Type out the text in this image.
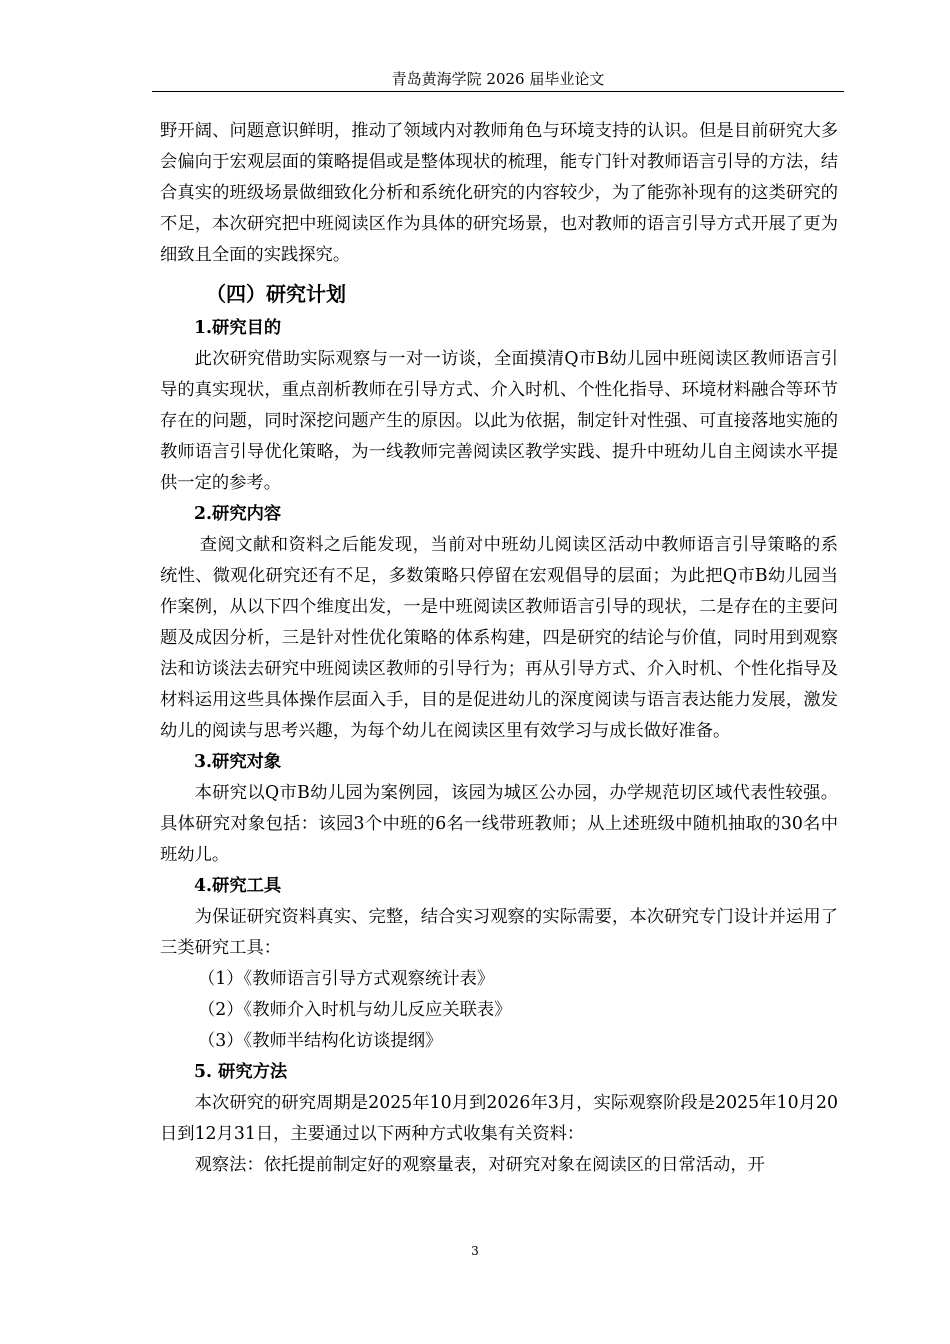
青岛黄海学院 2026 届毕业论文

野开阔、问题意识鲜明，推动了领域内对教师角色与环境支持的认识。但是目前研究大多会偏向于宏观层面的策略提倡或是整体现状的梳理，能专门针对教师语言引导的方法，结合真实的班级场景做细致化分析和系统化研究的内容较少，为了能弥补现有的这类研究的不足，本次研究把中班阅读区作为具体的研究场景，也对教师的语言引导方式开展了更为细致且全面的实践探究。

（四）研究计划
1.研究目的

此次研究借助实际观察与一对一访谈，全面摸清Q市B幼儿园中班阅读区教师语言引导的真实现状，重点剖析教师在引导方式、介入时机、个性化指导、环境材料融合等环节存在的问题，同时深挖问题产生的原因。以此为依据，制定针对性强、可直接落地实施的教师语言引导优化策略，为一线教师完善阅读区教学实践、提升中班幼儿自主阅读水平提供一定的参考。

2.研究内容

查阅文献和资料之后能发现，当前对中班幼儿阅读区活动中教师语言引导策略的系统性、微观化研究还有不足，多数策略只停留在宏观倡导的层面；为此把Q市B幼儿园当作案例，从以下四个维度出发，一是中班阅读区教师语言引导的现状，二是存在的主要问题及成因分析，三是针对性优化策略的体系构建，四是研究的结论与价值，同时用到观察法和访谈法去研究中班阅读区教师的引导行为；再从引导方式、介入时机、个性化指导及材料运用这些具体操作层面入手，目的是促进幼儿的深度阅读与语言表达能力发展，激发幼儿的阅读与思考兴趣，为每个幼儿在阅读区里有效学习与成长做好准备。

3.研究对象

本研究以Q市B幼儿园为案例园，该园为城区公办园，办学规范切区域代表性较强。具体研究对象包括：该园3个中班的6名一线带班教师；从上述班级中随机抽取的30名中班幼儿。

4.研究工具

为保证研究资料真实、完整，结合实习观察的实际需要，本次研究专门设计并运用了三类研究工具：

（1）《教师语言引导方式观察统计表》
（2）《教师介入时机与幼儿反应关联表》
（3）《教师半结构化访谈提纲》
5. 研究方法

本次研究的研究周期是2025年10月到2026年3月，实际观察阶段是2025年10月20日到12月31日，主要通过以下两种方式收集有关资料：

观察法：依托提前制定好的观察量表，对研究对象在阅读区的日常活动，开

3
